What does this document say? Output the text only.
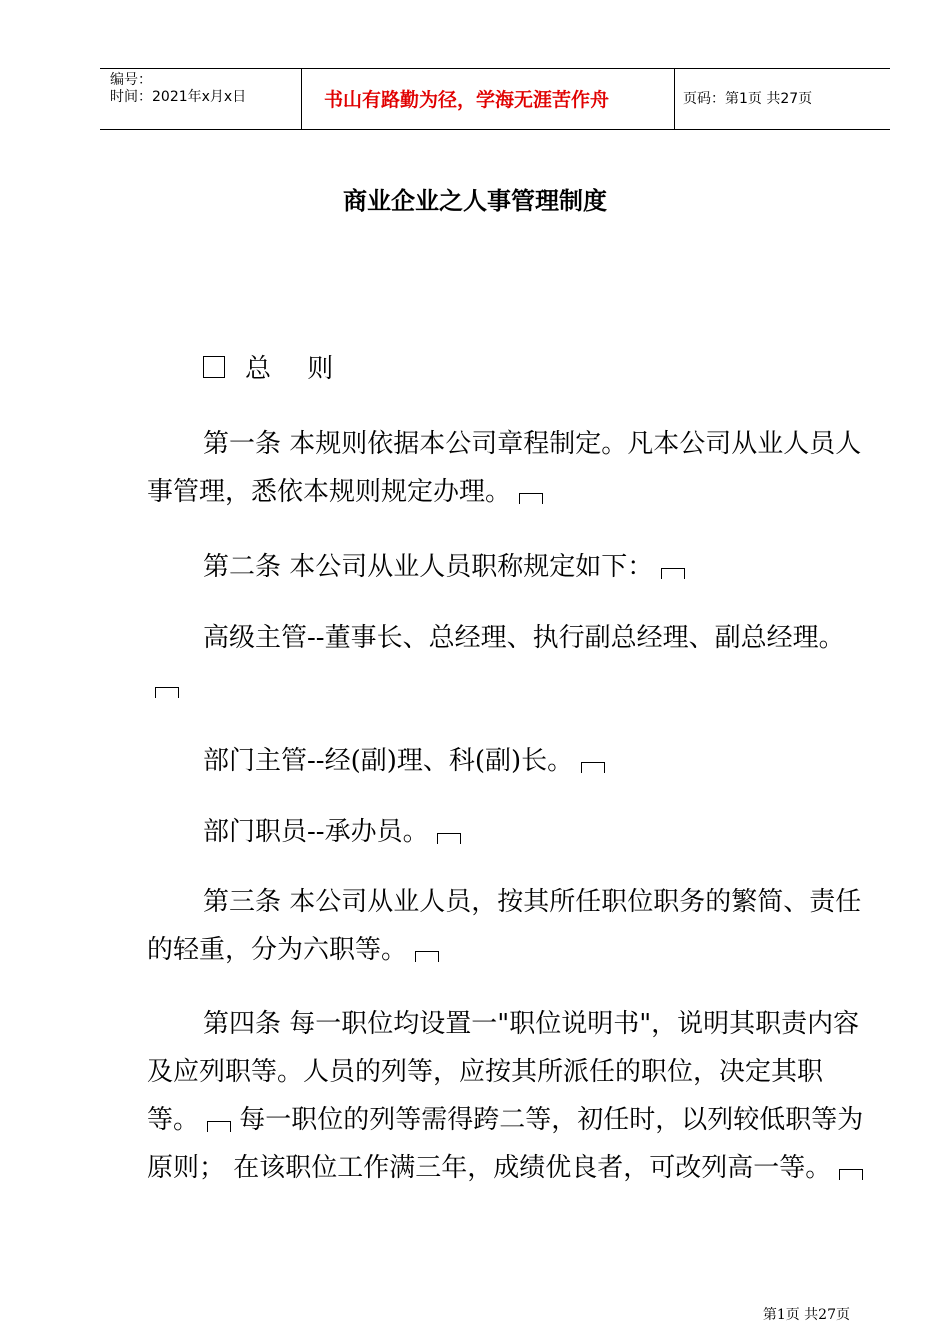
编号：
时间：2021年x月x日	书山有路勤为径，学海无涯苦作舟	页码：第1页 共27页
商业企业之人事管理制度
总 则
第一条 本规则依据本公司章程制定。凡本公司从业人员人事管理，悉依本规则规定办理。
第二条 本公司从业人员职称规定如下：
高级主管--董事长、总经理、执行副总经理、副总经理。
部门主管--经(副)理、科(副)长。
部门职员--承办员。
第三条 本公司从业人员，按其所任职位职务的繁简、责任的轻重，分为六职等。
第四条 每一职位均设置一"职位说明书"，说明其职责内容及应列职等。人员的列等，应按其所派任的职位，决定其职等。 每一职位的列等需得跨二等，初任时，以列较低职等为原则； 在该职位工作满三年，成绩优良者，可改列高一等。
第1页 共27页
